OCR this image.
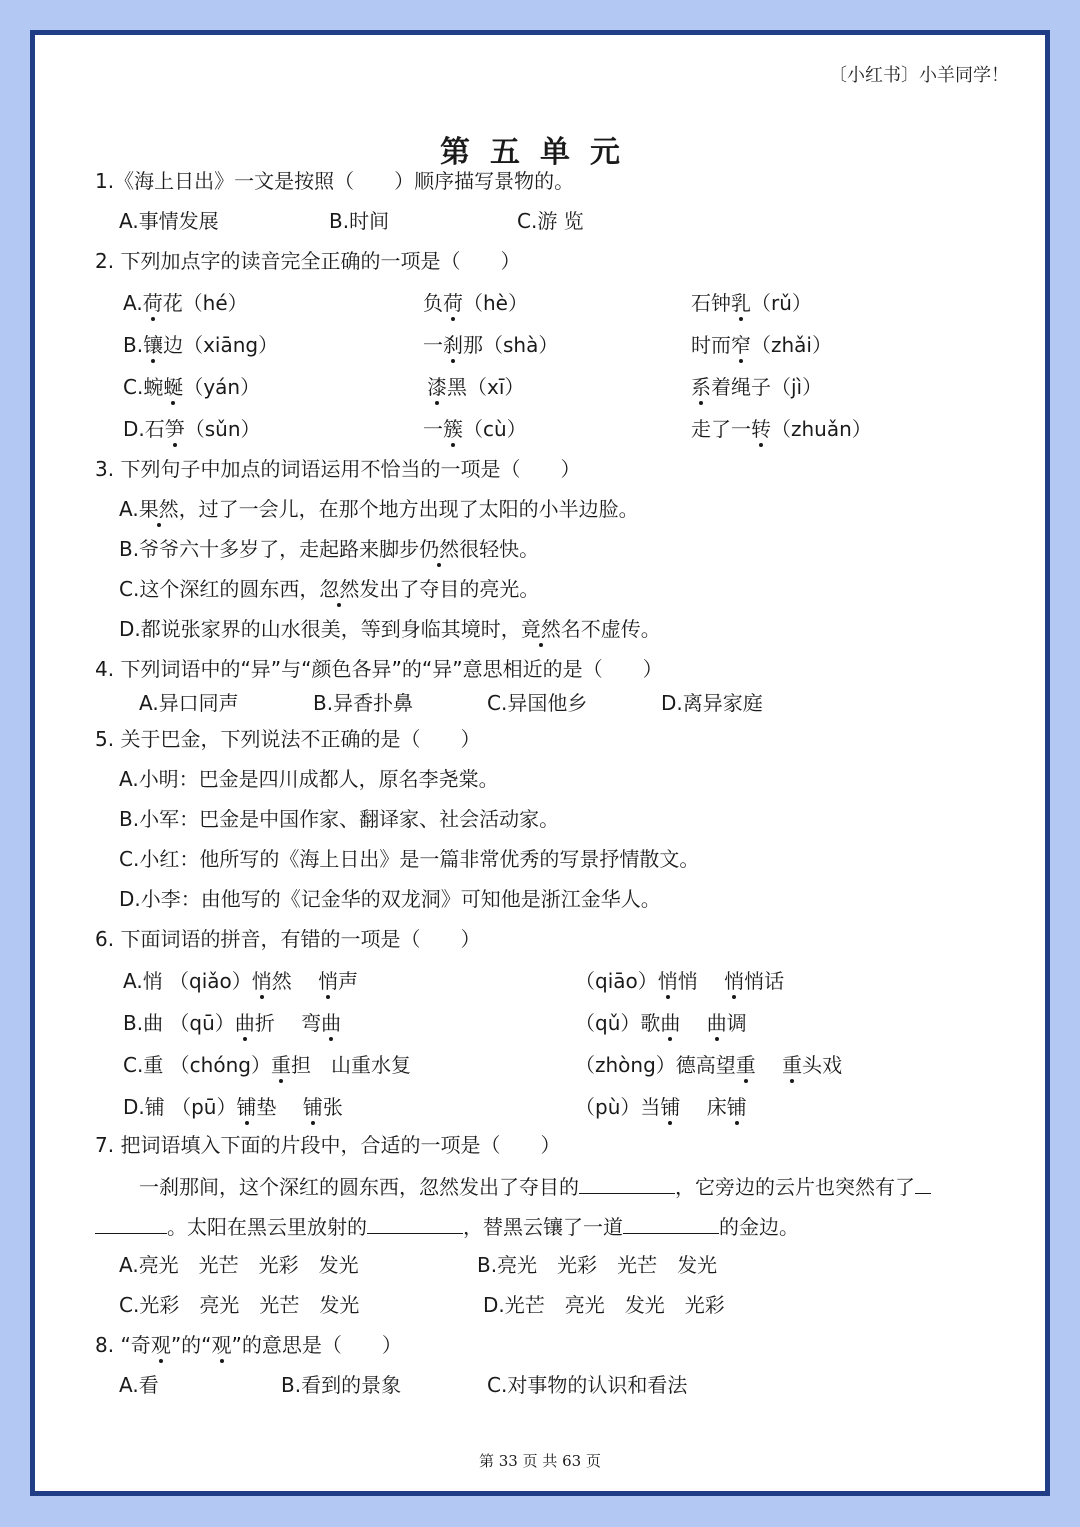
〔小红书〕小羊同学！
第五单元
1.《海上日出》一文是按照（　　）顺序描写景物的。
A.事情发展	B.时间	C.游 览
2. 下列加点字的读音完全正确的一项是（　　）
A.荷花（hé）	负荷（hè）	石钟乳（rǔ）
B.镶边（xiāng）	一刹那（shà）	时而窄（zhǎi）
C.蜿蜒（yán）	漆黑（xī）	系着绳子（jì）
D.石笋（sǔn）	一簇（cù）	走了一转（zhuǎn）
3. 下列句子中加点的词语运用不恰当的一项是（　　）
A.果然，过了一会儿，在那个地方出现了太阳的小半边脸。
B.爷爷六十多岁了，走起路来脚步仍然很轻快。
C.这个深红的圆东西，忽然发出了夺目的亮光。
D.都说张家界的山水很美，等到身临其境时，竟然名不虚传。
4. 下列词语中的“异”与“颜色各异”的“异”意思相近的是（　　）
A.异口同声	B.异香扑鼻	C.异国他乡	D.离异家庭
5. 关于巴金，下列说法不正确的是（　　）
A.小明：巴金是四川成都人，原名李尧棠。
B.小军：巴金是中国作家、翻译家、社会活动家。
C.小红：他所写的《海上日出》是一篇非常优秀的写景抒情散文。
D.小李：由他写的《记金华的双龙洞》可知他是浙江金华人。
6. 下面词语的拼音，有错的一项是（　　）
A.悄 （qiǎo）悄然　 悄声	（qiāo）悄悄　 悄悄话
B.曲 （qū）曲折　 弯曲	（qǔ）歌曲　 曲调
C.重 （chóng）重担　 山重水复	（zhòng）德高望重　 重头戏
D.铺 （pū）铺垫　 铺张	（pù）当铺　 床铺
7. 把词语填入下面的片段中，合适的一项是（　　）
一刹那间，这个深红的圆东西，忽然发出了夺目的	，它旁边的云片也突然有了
。太阳在黑云里放射的	，替黑云镶了一道	的金边。
A.亮光　光芒　光彩　发光	B.亮光　光彩　光芒　发光
C.光彩　亮光　光芒　发光	D.光芒　亮光　发光　光彩
8. “奇观”的“观”的意思是（　　）
A.看	B.看到的景象	C.对事物的认识和看法
第 33 页 共 63 页
